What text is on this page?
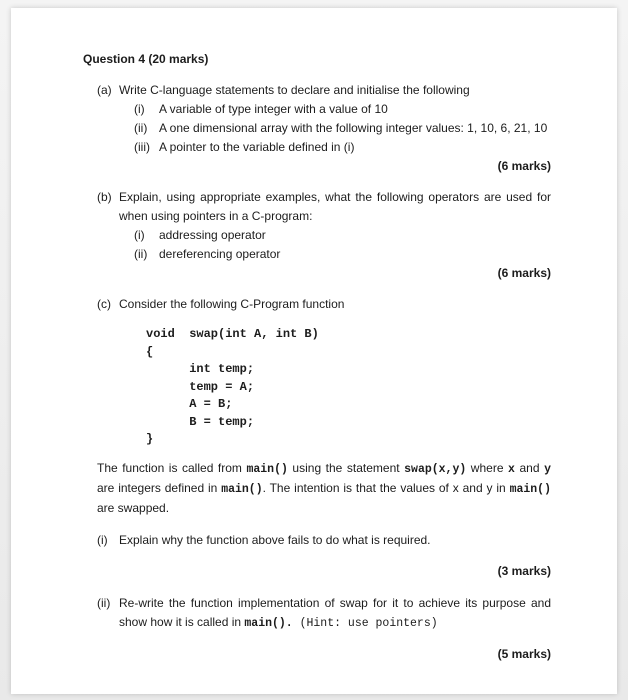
Question 4 (20 marks)
(a) Write C-language statements to declare and initialise the following
(i)	A variable of type integer with a value of 10
(ii) A one dimensional array with the following integer values: 1, 10, 6, 21, 10
(iii) A pointer to the variable defined in (i)
(6 marks)
(b) Explain, using appropriate examples, what the following operators are used for when using pointers in a C-program:
(i)	addressing operator
(ii) dereferencing operator
(6 marks)
(c) Consider the following C-Program function
void  swap(int A, int B)
{
int temp;
temp = A;
A = B;
B = temp;
}
The function is called from main() using the statement swap(x,y) where x and y are integers defined in main(). The intention is that the values of x and y in main() are swapped.
(i) Explain why the function above fails to do what is required.
(3 marks)
(ii) Re-write the function implementation of swap for it to achieve its purpose and show how it is called in main(). (Hint: use pointers)
(5 marks)
